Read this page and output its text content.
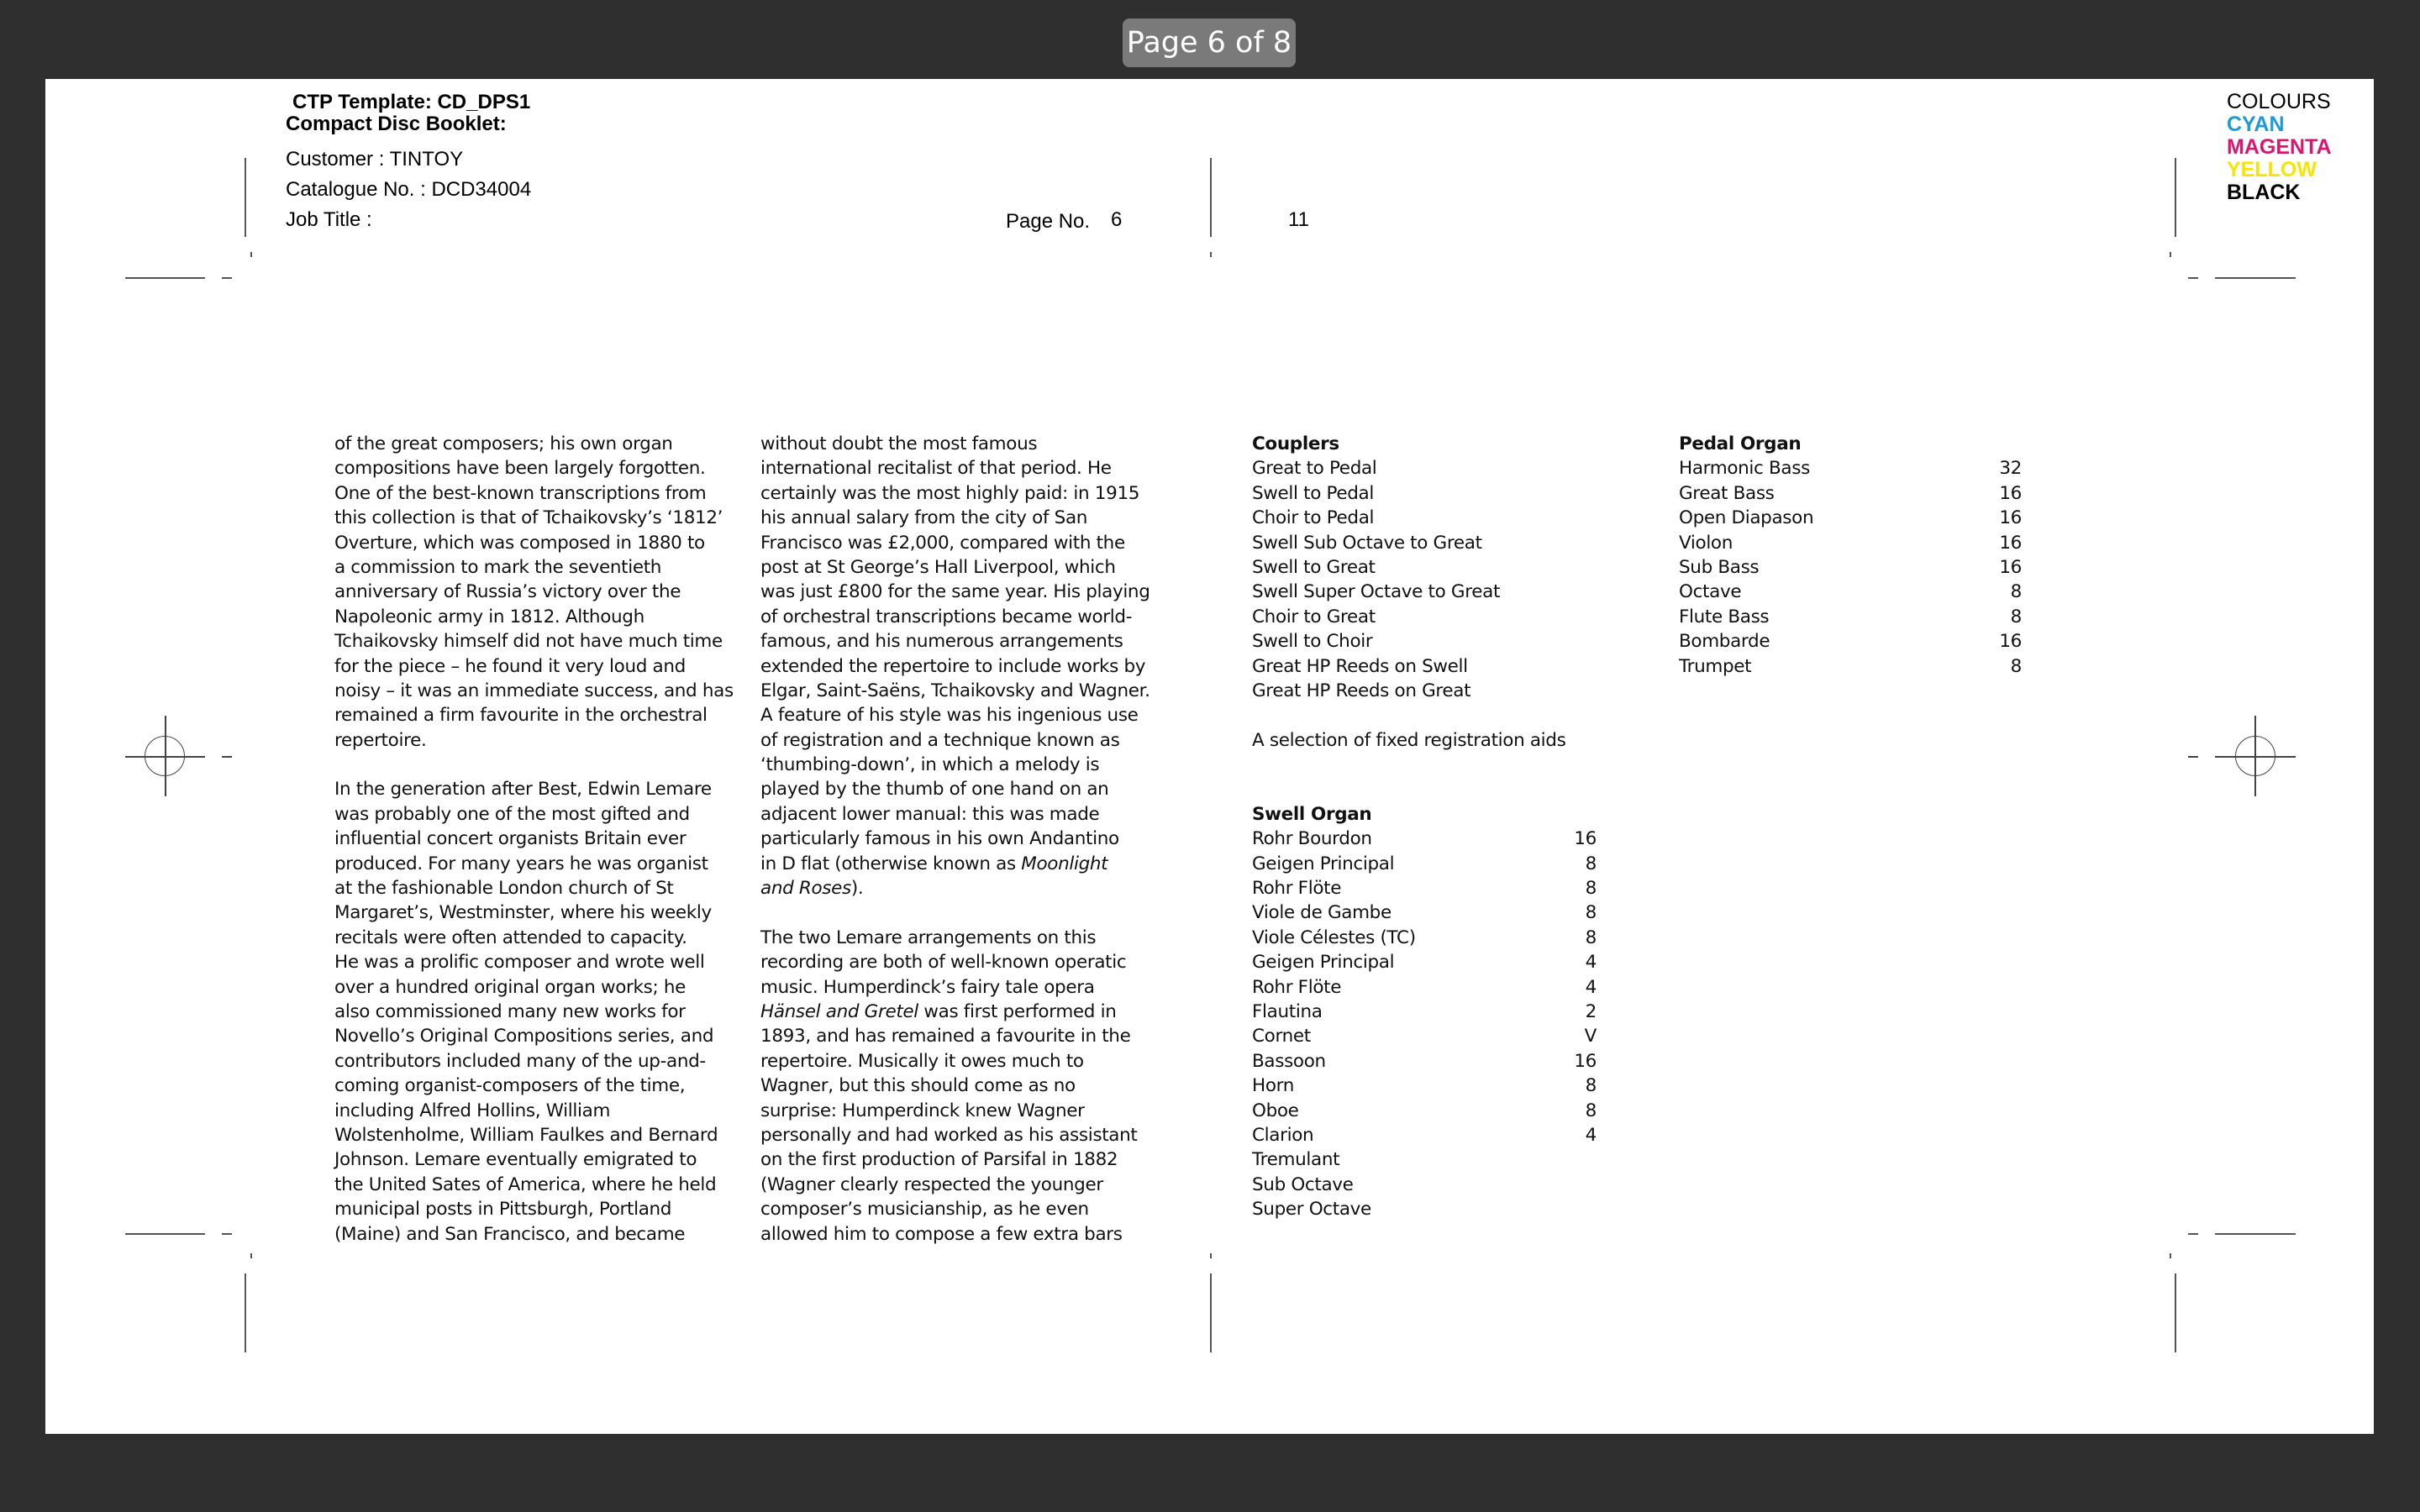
Page 6 of 8
CTP Template: CD_DPS1
Compact Disc Booklet:
Customer : TINTOY
Catalogue No. : DCD34004
Job Title :	Page No. 6	11
COLOURS
CYAN
MAGENTA
YELLOW
BLACK
of the great composers; his own organ
compositions have been largely forgotten.
One of the best-known transcriptions from
this collection is that of Tchaikovsky’s ‘1812’
Overture, which was composed in 1880 to
a commission to mark the seventieth
anniversary of Russia’s victory over the
Napoleonic army in 1812. Although
Tchaikovsky himself did not have much time
for the piece – he found it very loud and
noisy – it was an immediate success, and has
remained a firm favourite in the orchestral
repertoire.
In the generation after Best, Edwin Lemare
was probably one of the most gifted and
influential concert organists Britain ever
produced. For many years he was organist
at the fashionable London church of St
Margaret’s, Westminster, where his weekly
recitals were often attended to capacity.
He was a prolific composer and wrote well
over a hundred original organ works; he
also commissioned many new works for
Novello’s Original Compositions series, and
contributors included many of the up-and-
coming organist-composers of the time,
including Alfred Hollins, William
Wolstenholme, William Faulkes and Bernard
Johnson. Lemare eventually emigrated to
the United Sates of America, where he held
municipal posts in Pittsburgh, Portland
(Maine) and San Francisco, and became
without doubt the most famous
international recitalist of that period. He
certainly was the most highly paid: in 1915
his annual salary from the city of San
Francisco was £2,000, compared with the
post at St George’s Hall Liverpool, which
was just £800 for the same year. His playing
of orchestral transcriptions became world-
famous, and his numerous arrangements
extended the repertoire to include works by
Elgar, Saint-Saëns, Tchaikovsky and Wagner.
A feature of his style was his ingenious use
of registration and a technique known as
‘thumbing-down’, in which a melody is
played by the thumb of one hand on an
adjacent lower manual: this was made
particularly famous in his own Andantino
in D flat (otherwise known as Moonlight
and Roses).
The two Lemare arrangements on this
recording are both of well-known operatic
music. Humperdinck’s fairy tale opera
Hänsel and Gretel was first performed in
1893, and has remained a favourite in the
repertoire. Musically it owes much to
Wagner, but this should come as no
surprise: Humperdinck knew Wagner
personally and had worked as his assistant
on the first production of Parsifal in 1882
(Wagner clearly respected the younger
composer’s musicianship, as he even
allowed him to compose a few extra bars
Couplers
Great to Pedal
Swell to Pedal
Choir to Pedal
Swell Sub Octave to Great
Swell to Great
Swell Super Octave to Great
Choir to Great
Swell to Choir
Great HP Reeds on Swell
Great HP Reeds on Great
A selection of fixed registration aids
Swell Organ
Rohr Bourdon	16
Geigen Principal	8
Rohr Flöte	8
Viole de Gambe	8
Viole Célestes (TC)	8
Geigen Principal	4
Rohr Flöte	4
Flautina	2
Cornet	V
Bassoon	16
Horn	8
Oboe	8
Clarion	4
Tremulant
Sub Octave
Super Octave
Pedal Organ
Harmonic Bass	32
Great Bass	16
Open Diapason	16
Violon	16
Sub Bass	16
Octave	8
Flute Bass	8
Bombarde	16
Trumpet	8
